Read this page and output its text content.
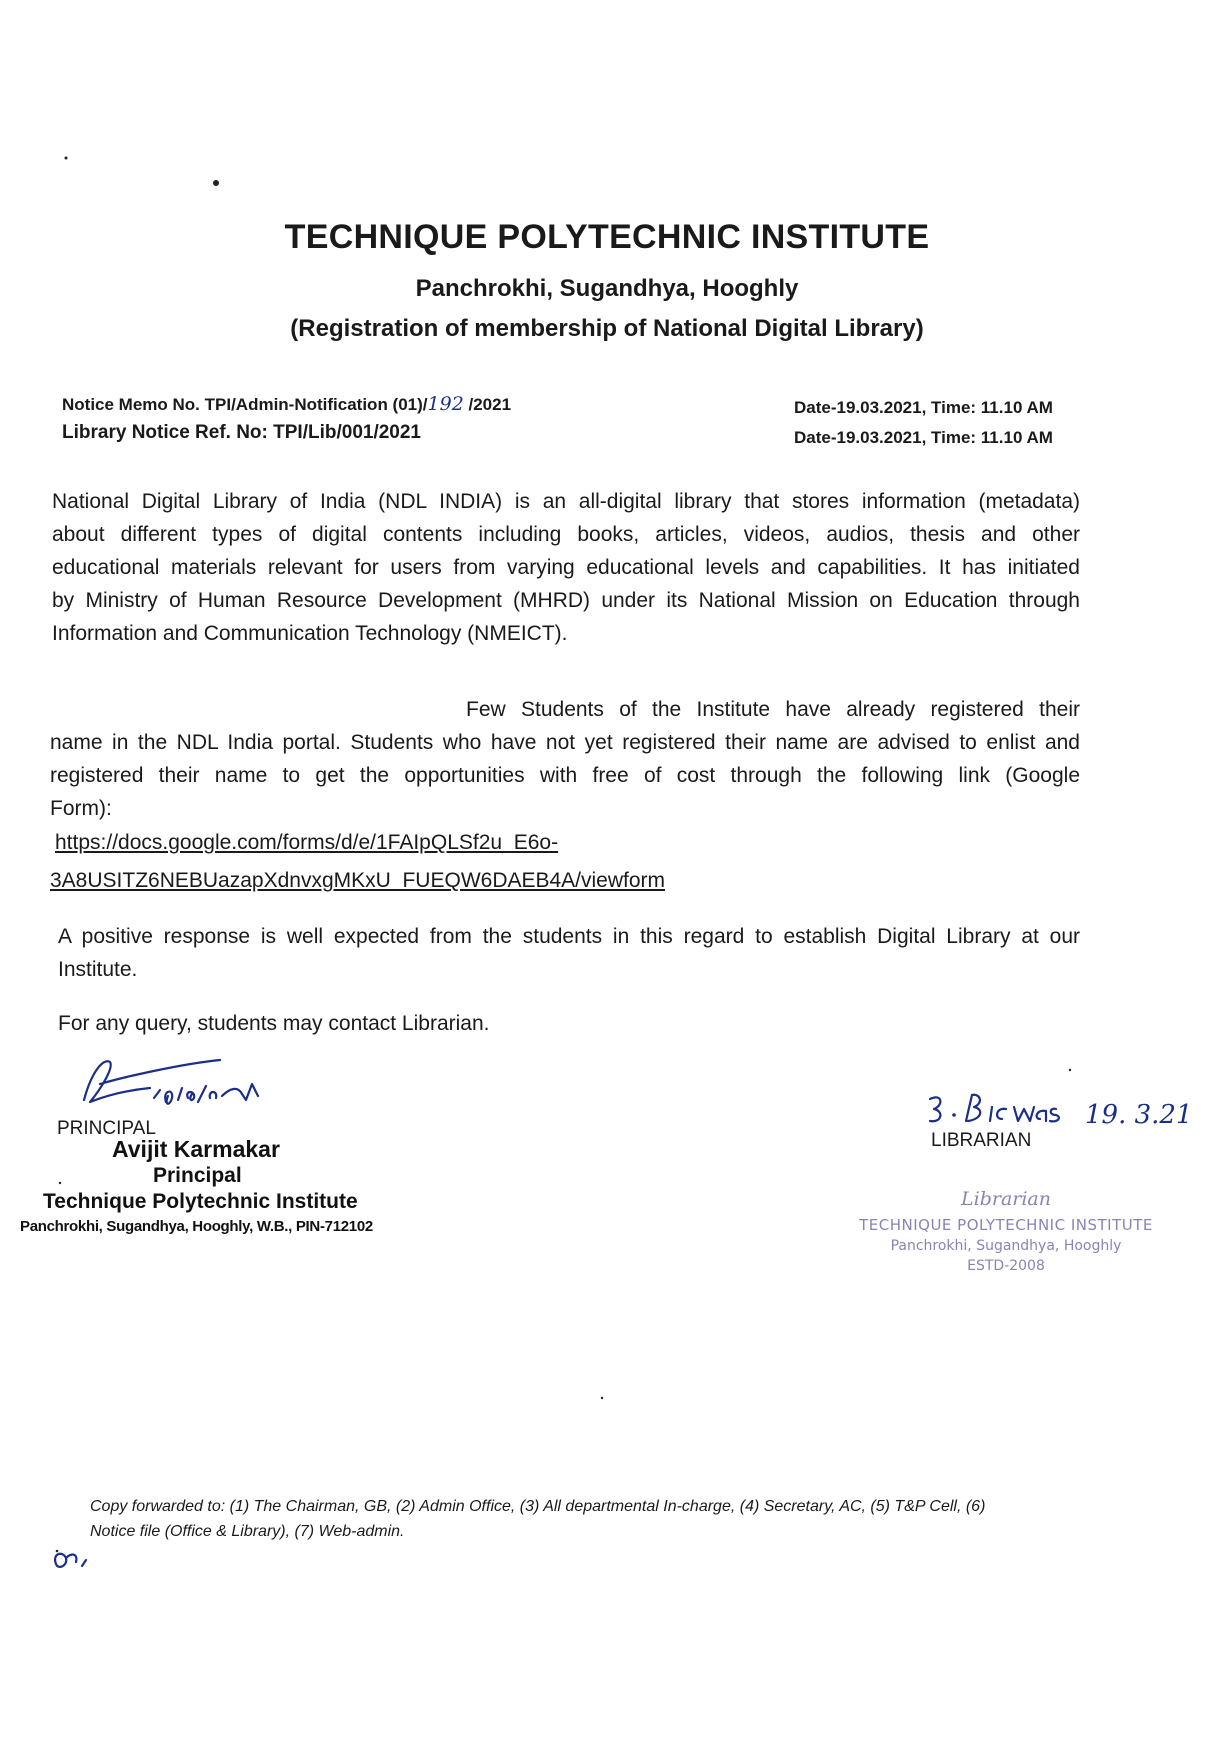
TECHNIQUE POLYTECHNIC INSTITUTE
Panchrokhi, Sugandhya, Hooghly
(Registration of membership of National Digital Library)
Notice Memo No. TPI/Admin-Notification (01)/192 /2021
Library Notice Ref. No: TPI/Lib/001/2021
Date-19.03.2021, Time: 11.10 AM
Date-19.03.2021, Time: 11.10 AM
National Digital Library of India (NDL INDIA) is an all-digital library that stores information (metadata)
about different types of digital contents including books, articles, videos, audios, thesis and other
educational materials relevant for users from varying educational levels and capabilities. It has initiated
by Ministry of Human Resource Development (MHRD) under its National Mission on Education through
Information and Communication Technology (NMEICT).
Few Students of the Institute have already registered their
name in the NDL India portal. Students who have not yet registered their name are advised to enlist and
registered their name to get the opportunities with free of cost through the following link (Google
Form):
https://docs.google.com/forms/d/e/1FAIpQLSf2u_E6o-
3A8USITZ6NEBUazapXdnvxgMKxU_FUEQW6DAEB4A/viewform
A positive response is well expected from the students in this regard to establish Digital Library at our
Institute.
For any query, students may contact Librarian.
PRINCIPAL
Avijit Karmakar
Principal
Technique Polytechnic Institute
Panchrokhi, Sugandhya, Hooghly, W.B., PIN-712102
19. 3.21
LIBRARIAN
Librarian
TECHNIQUE POLYTECHNIC INSTITUTE
Panchrokhi, Sugandhya, Hooghly
ESTD-2008
Copy forwarded to: (1) The Chairman, GB, (2) Admin Office, (3) All departmental In-charge, (4) Secretary, AC, (5) T&P Cell, (6)
Notice file (Office & Library), (7) Web-admin.
